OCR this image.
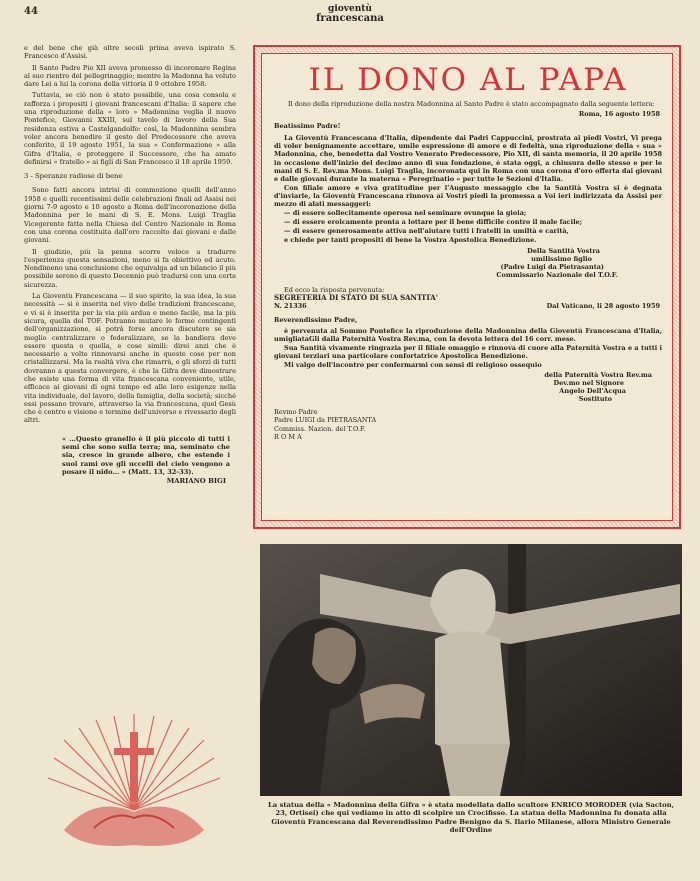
44	gioventù
francescana

e del bene che già oltre secoli prima aveva ispirato S. Francesco d'Assisi.

Il Santo Padre Pio XII aveva promesso di incoronare Regina al suo rientro del pellegrinaggio; mentre la Madonna ha voluto dare Lei a lui la corona della vittoria il 9 ottobre 1958.

Tuttavia, se ciò non è stato possibile, una cosa consola e rafforza i propositi i giovani francescani d'Italia: il sapere che una riproduzione della « loro » Madonnina veglia il nuovo Pontefice, Giovanni XXIII, sul tavolo di lavoro della Sua residenza estiva a Castelgandolfo: così, la Madonnina sembra voler ancora benedire il gesto del Predecessore che aveva conferito, il 19 agosto 1951, la sua « Confermazione » alla Gifra d'Italia, e proteggere il Successore, che ha amato definirsi « fratello » ai figli di San Francesco il 18 aprile 1959.

3 - Speranze radiose di bene

Sono fatti ancora intrisi di commozione quelli dell'anno 1958 e quelli recentissimi delle celebrazioni finali ad Assisi nei giorni 7-9 agosto e 10 agosto a Roma dell'incoronazione della Madonnina per le mani di S. E. Mons. Luigi Traglia Vicegerente fatta nella Chiesa del Centro Nazionale in Roma con una corona costituita dall'oro raccolto dai giovani e dalle giovani.

Il giudizio, più la penna scorre veloce a tradurre l'esperienza questa sensazioni, meno si fa obiettivo ed acuto. Nondimeno una conclusione che equivalga ad un bilancio il più possibile sereno di questo Decennio può tradursi con una certa sicurezza.

La Gioventù Francescana — il suo spirito, la sua idea, la sua necessità — si è inserita nel vivo delle tradizioni francescane, e vi si è inserita per la via più ardua e meno facile, ma la più sicura, quella del TOF. Potranno mutare le forme contingenti dell'organizzazione, si potrà forse ancora discutere se sia meglio centralizzare o federalizzare, se la bandiera deve essere questa o quella, e cose simili: direi anzi che è necessario a volte rinnovarsi anche in queste cose per non cristallizzarsi. Ma la realtà viva che rimarrà, e gli sforzi di tutti dovranno a questa convergere, è che la Gifra deve dimostrare che esiste una forma di vita francescana conveniente, utile, efficace ai giovani di ogni tempo ed alle loro esigenze nella vita individuale, del lavoro, della famiglia, della società; sicché essi possano trovare, attraverso la via francescana, quel Gesù che è centro e visione e termine dell'universo e rivessario degli altri.

« ...Questo granello è il più piccolo di tutti i semi che sono sulla terra; ma, seminato che sia, cresce in grande albero, che estende i suoi rami ove gli uccelli del cielo vengono a posare il nido... » (Matt. 13, 32-33).
MARIANO BIGI
IL DONO AL PAPA

Il dono della riproduzione della nostra Madonnina al Santo Padre è stato accompagnato dalla seguente lettera:

Roma, 16 agosto 1958
Beatissimo Padre!

La Gioventù Francescana d'Italia, dipendente dai Padri Cappuccini, prostrata ai piedi Vostri, Vi prega di voler benignamente accettare, umile espressione di amore e di fedeltà, una riproduzione della « sua » Madonnina, che, benedetta dal Vostro Venerato Predecessore, Pio XII, di santa memoria, il 20 aprile 1958 in occasione dell'inizio del decimo anno di sua fondazione, è stata oggi, a chiusura dello stesso e per le mani di S. E. Rev.ma Mons. Luigi Traglia, incoronata qui in Roma con una corona d'oro offerta dai giovani e dalle giovani durante la materna « Peregrinatio » per tutte le Sezioni d'Italia.

Con filiale amore e viva gratitudine per l'Augusto messaggio che la Santità Vostra si è degnata d'inviarle, la Gioventù Francescana rinnova ai Vostri piedi la promessa a Voi ieri indirizzata da Assisi per mezzo di alati messaggeri:

— di essere sollecitamente operosa nel seminare ovunque la gioia;

— di essere eroicamente pronta a lottare per il bene difficile contro il male facile;

— di essere generosamente attiva nell'aiutare tutti i fratelli in umiltà e carità,

e chiede per tanti propositi di bene la Vostra Apostolica Benedizione.

Della Santità Vostra
umilissimo figlio
(Padre Luigi da Pietrasanta)
Commissario Nazionale del T.O.F.
Ed ecco la risposta pervenuta:
SEGRETERIA DI STATO DI SUA SANTITA'
N. 21336	Dal Vaticano, li 28 agosto 1959
Reverendissimo Padre,

è pervenuta al Sommo Pontefice la riproduzione della Madonnina della Gioventù Francescana d'Italia, umigliataGli dalla Paternità Vostra Rev.ma, con la devota lettera del 16 corr. mese.

Sua Santità vivamente ringrazia per il filiale omaggio e rinnova di cuore alla Paternità Vostra e a tutti i giovani terziari una particolare confortatrice Apostolica Benedizione.

Mi valgo dell'incontro per confermarmi con sensi di religioso ossequio

della Paternità Vostra Rev.ma
Dev.mo nel Signore
Angelo Dell'Acqua
Sostituto
Revmo Padre
Padre LUIGI da PIETRASANTA
Commiss. Nazion. del T.O.F.
R O M A
La statua della « Madonnina della Gifra » è stata modellata dallo scultore ENRICO MORODER (via Sacton, 23, Ortisei) che qui vediamo in atto di scolpire un Crocifisso. La statua della Madonnina fu donata alla Gioventù Francescana dal Reverendissimo Padre Benigno da S. Ilario Milanese, allora Ministro Generale dell'Ordine
